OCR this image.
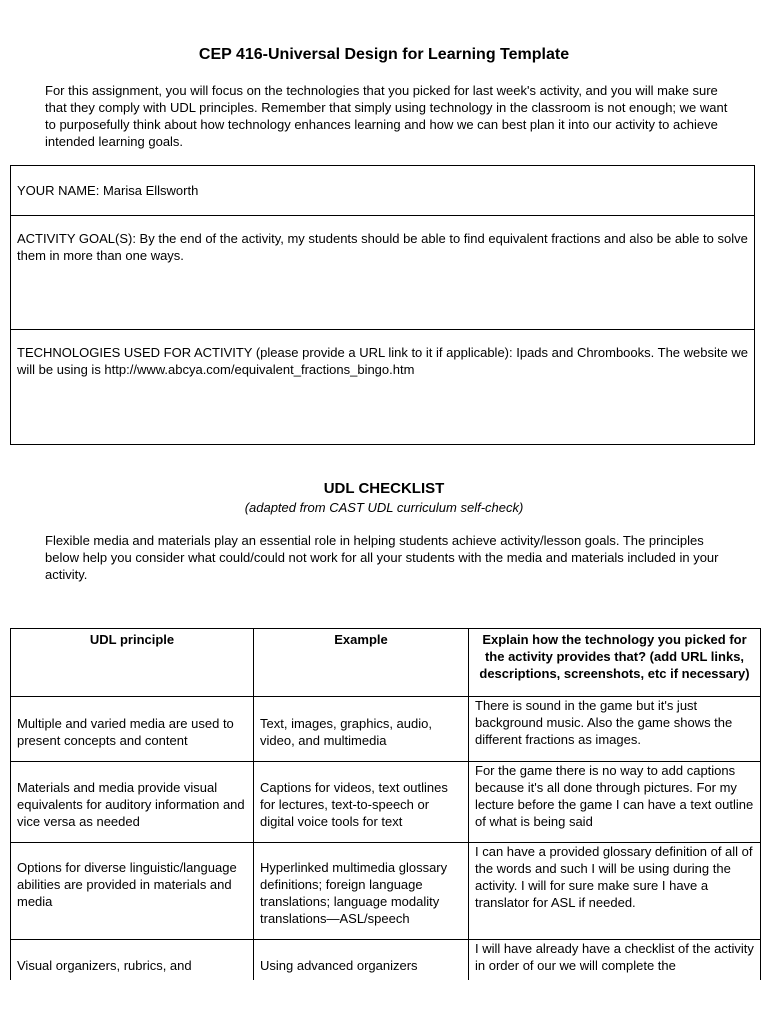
CEP 416-Universal Design for Learning Template

For this assignment, you will focus on the technologies that you picked for last week's activity, and you will make sure that they comply with UDL principles. Remember that simply using technology in the classroom is not enough; we want to purposefully think about how technology enhances learning and how we can best plan it into our activity to achieve intended learning goals.

YOUR NAME: Marisa Ellsworth
ACTIVITY GOAL(S): By the end of the activity, my students should be able to find equivalent fractions and also be able to solve them in more than one ways.
TECHNOLOGIES USED FOR ACTIVITY (please provide a URL link to it if applicable): Ipads and Chrombooks. The website we will be using is http://www.abcya.com/equivalent_fractions_bingo.htm
UDL CHECKLIST
(adapted from CAST UDL curriculum self-check)

Flexible media and materials play an essential role in helping students achieve activity/lesson goals. The principles below help you consider what could/could not work for all your students with the media and materials included in your activity.

UDL principle	Example	Explain how the technology you picked for the activity provides that? (add URL links, descriptions, screenshots, etc if necessary)
Multiple and varied media are used to present concepts and content	Text, images, graphics, audio, video, and multimedia	There is sound in the game but it's just background music. Also the game shows the different fractions as images.
Materials and media provide visual equivalents for auditory information and vice versa as needed	Captions for videos, text outlines for lectures, text-to-speech or digital voice tools for text	For the game there is no way to add captions because it's all done through pictures. For my lecture before the game I can have a text outline of what is being said
Options for diverse linguistic/language abilities are provided in materials and media	Hyperlinked multimedia glossary definitions; foreign language translations; language modality translations—ASL/speech	I can have a provided glossary definition of all of the words and such I will be using during the activity. I will for sure make sure I have a translator for ASL if needed.
Visual organizers, rubrics, and	Using advanced organizers	I will have already have a checklist of the activity in order of our we will complete the
